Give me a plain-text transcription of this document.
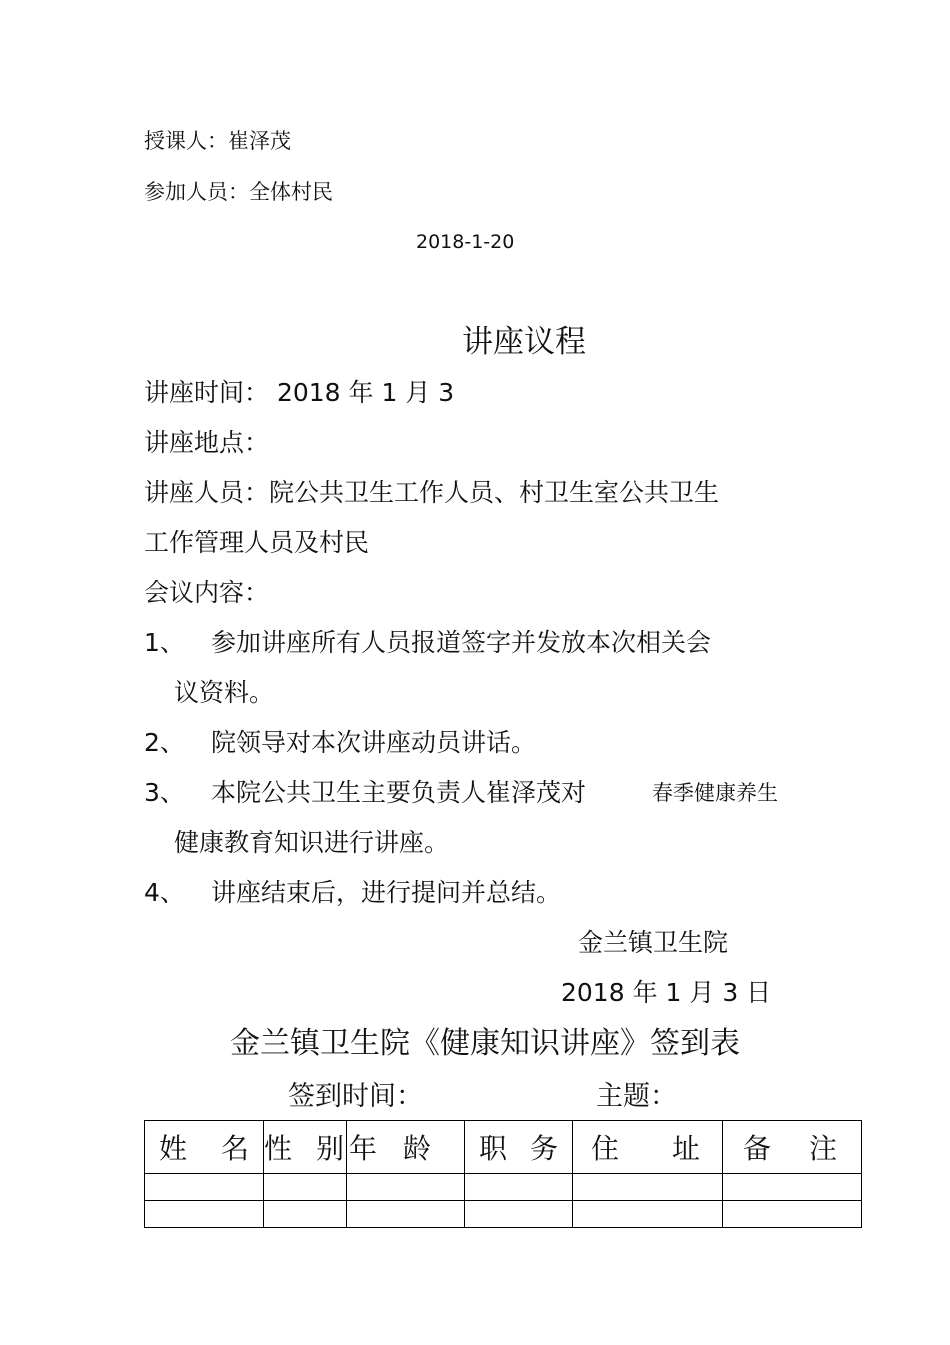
授课人：崔泽茂
参加人员：全体村民
2018-1-20
讲座议程
讲座时间： 2018 年 1 月 3
讲座地点：
讲座人员：院公共卫生工作人员、村卫生室公共卫生
工作管理人员及村民
会议内容：
1、 参加讲座所有人员报道签字并发放本次相关会
议资料。
2、 院领导对本次讲座动员讲话。
3、 本院公共卫生主要负责人崔泽茂对	春季健康养生
健康教育知识进行讲座。
4、 讲座结束后，进行提问并总结。
金兰镇卫生院
2018 年 1 月 3 日
金兰镇卫生院《健康知识讲座》签到表
签到时间：	主题：
姓 名	性 别	年 龄	职 务	住 址	备 注
